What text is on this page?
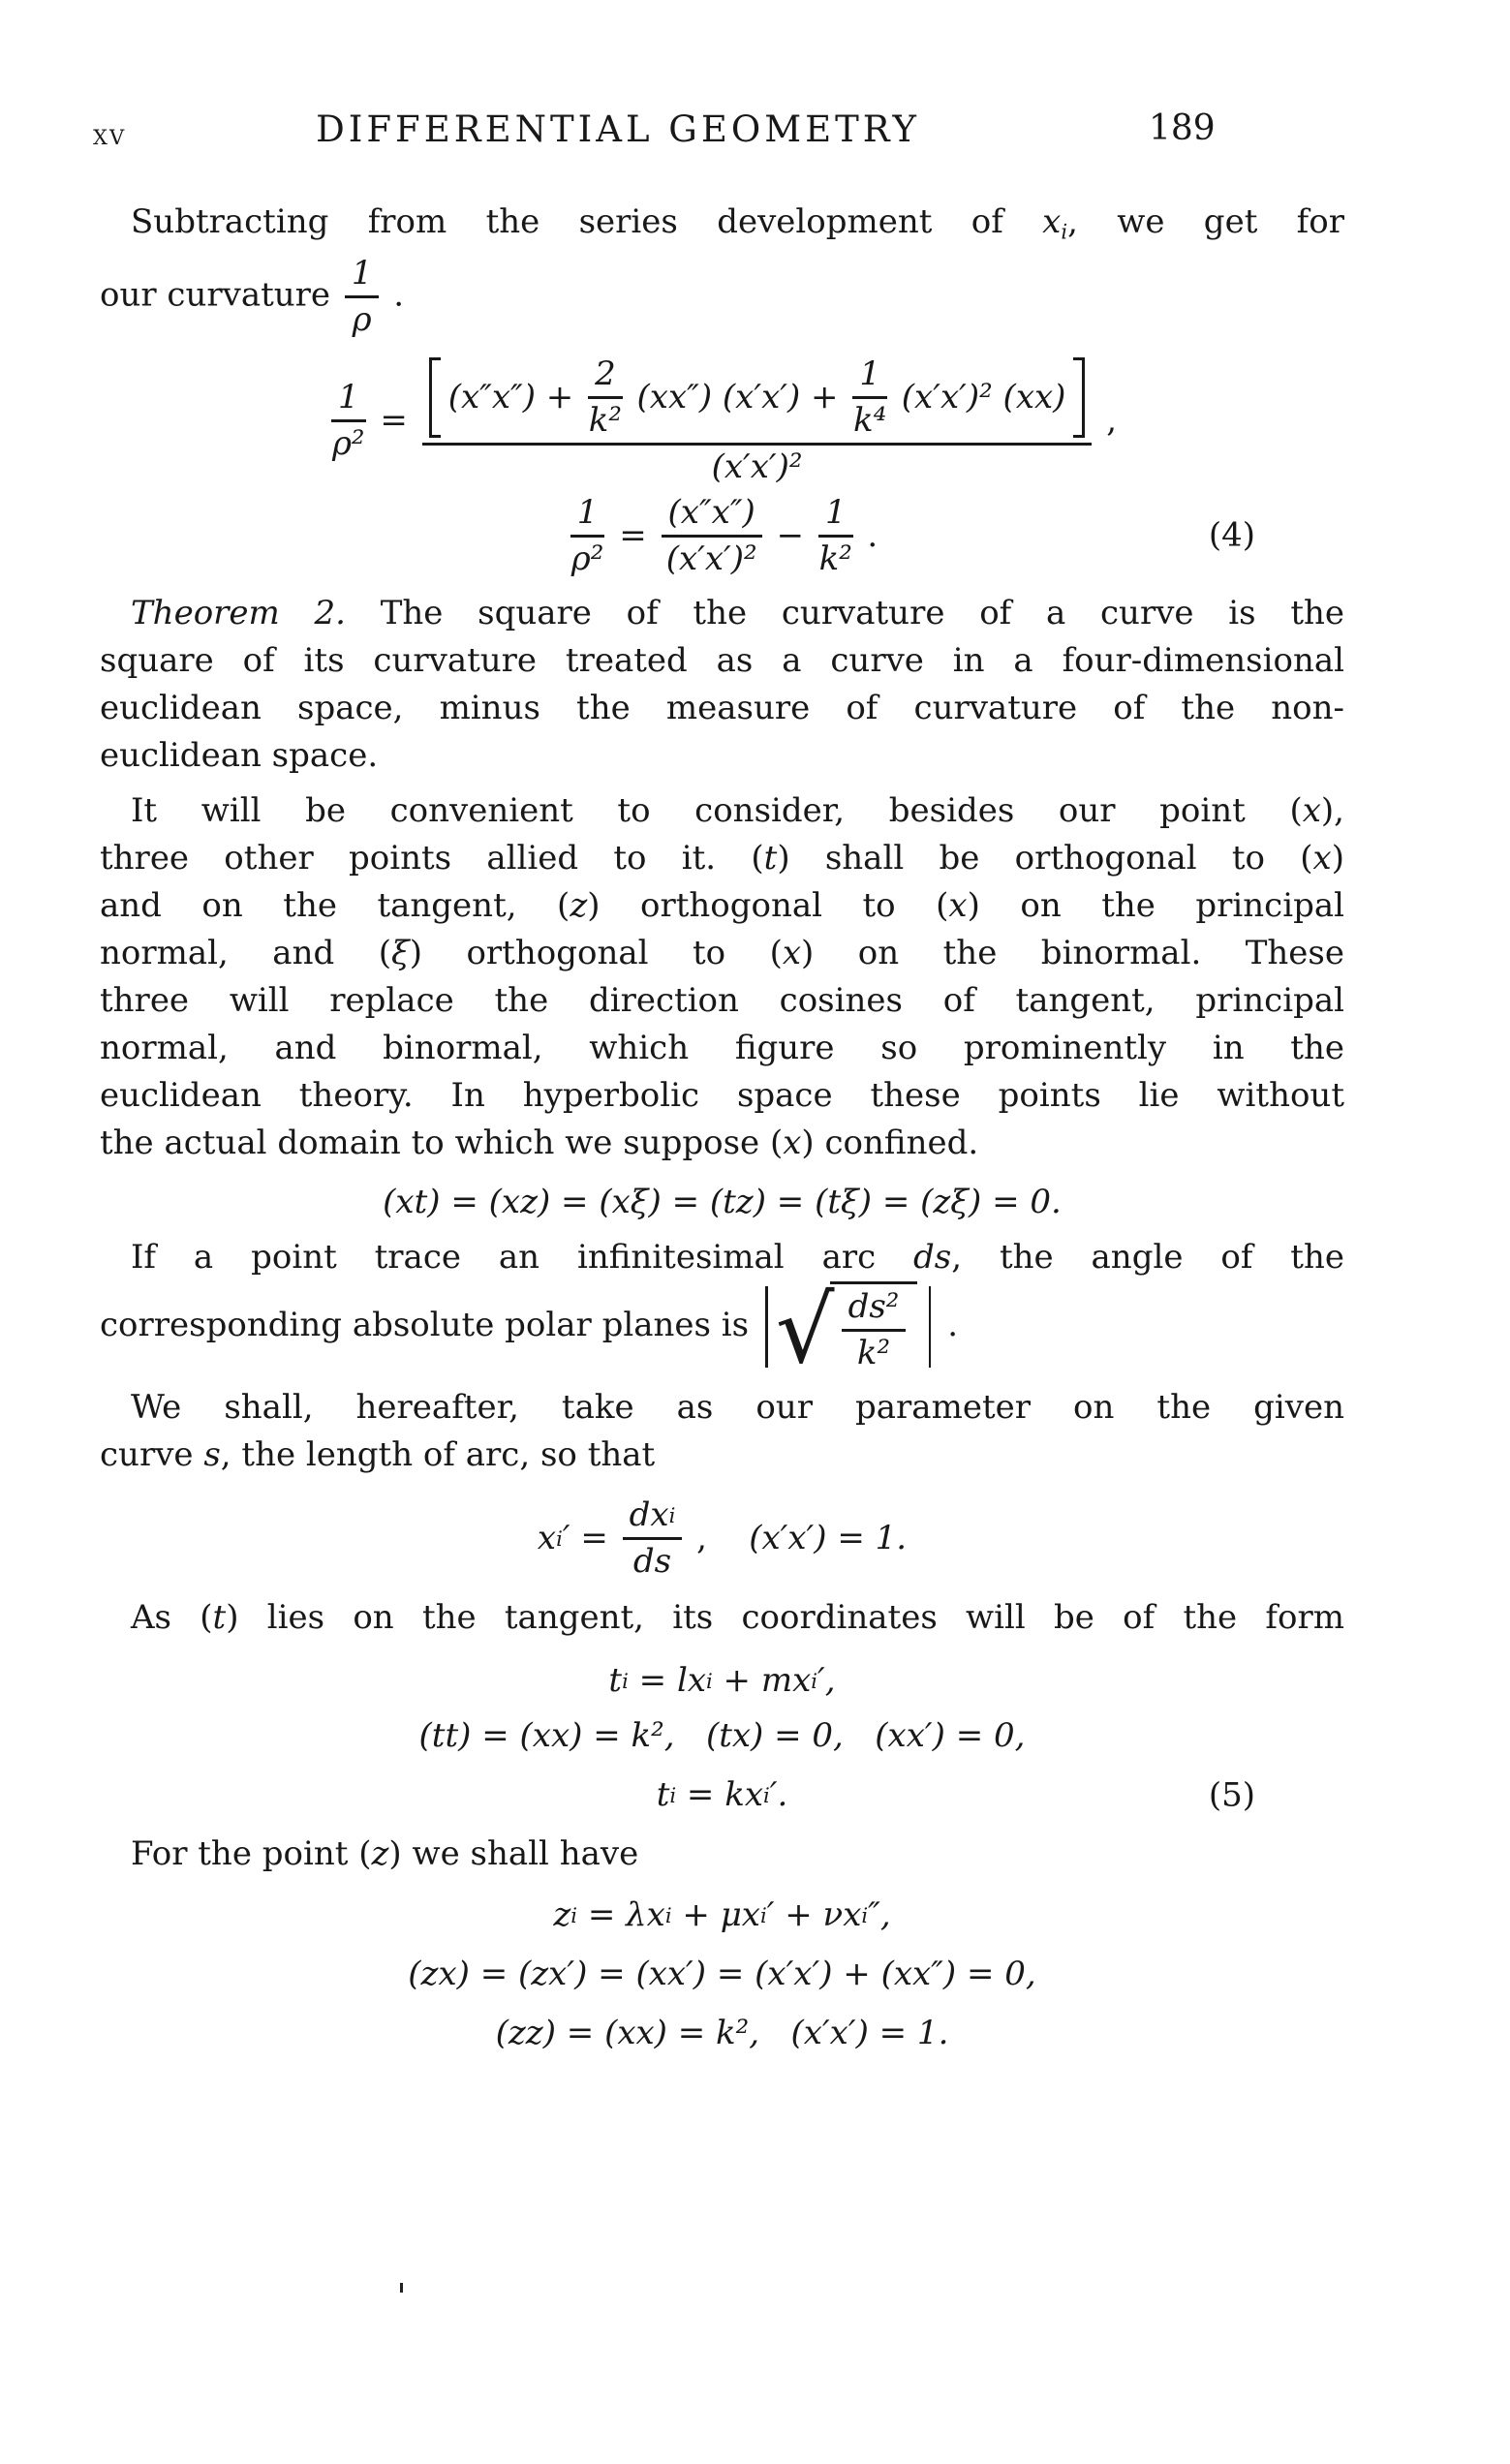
xv	DIFFERENTIAL GEOMETRY	189
Subtracting from the series development of $x_i$, we get for
our curvature $\frac{1}{\rho}$ .
$\frac{1}{\text{ρ²}} = \frac{(x''x'') + \frac{2}{\text{k²}} (xx'') (x'x') + \frac{1}{\text{k⁴}} (x'x')^2 (xx)}{\text{(x′x′)²}}$ ,
$\frac{1}{\text{ρ²}} = \frac{(x''x'')}{\text{(x′x′)²}} - \frac{1}{\text{k²}}$ .	(4)
Theorem 2. The square of the curvature of a curve is the
square of its curvature treated as a curve in a four-dimensional
euclidean space, minus the measure of curvature of the non-
euclidean space.
It will be convenient to consider, besides our point (x),
three other points allied to it. (t) shall be orthogonal to (x)
and on the tangent, (z) orthogonal to (x) on the principal
normal, and (ξ) orthogonal to (x) on the binormal. These
three will replace the direction cosines of tangent, principal
normal, and binormal, which figure so prominently in the
euclidean theory. In hyperbolic space these points lie without
the actual domain to which we suppose (x) confined.
(xt) = (xz) = (xξ) = (tz) = (tξ) = (zξ) = 0.
If a point trace an infinitesimal arc ds, the angle of the
corresponding absolute polar planes is √ $\frac{\text{ds²}}{\text{k²}}$ .
We shall, hereafter, take as our parameter on the given
curve s, the length of arc, so that
x i ′ = $\frac{\text{dx i}}{ds}$ , (x′x′) = 1.
As (t) lies on the tangent, its coordinates will be of the form
t i = lx i + mx i ′,
(tt) = (xx) = k²,   (tx) = 0,   (xx′) = 0,
t i = kx i ′.	(5)
For the point (z) we shall have
z i = λx i + μx i ′ + νx i ″,
(zx) = (zx′) = (xx′) = (x′x′) + (xx″) = 0,
(zz) = (xx) = k²,   (x′x′) = 1.
